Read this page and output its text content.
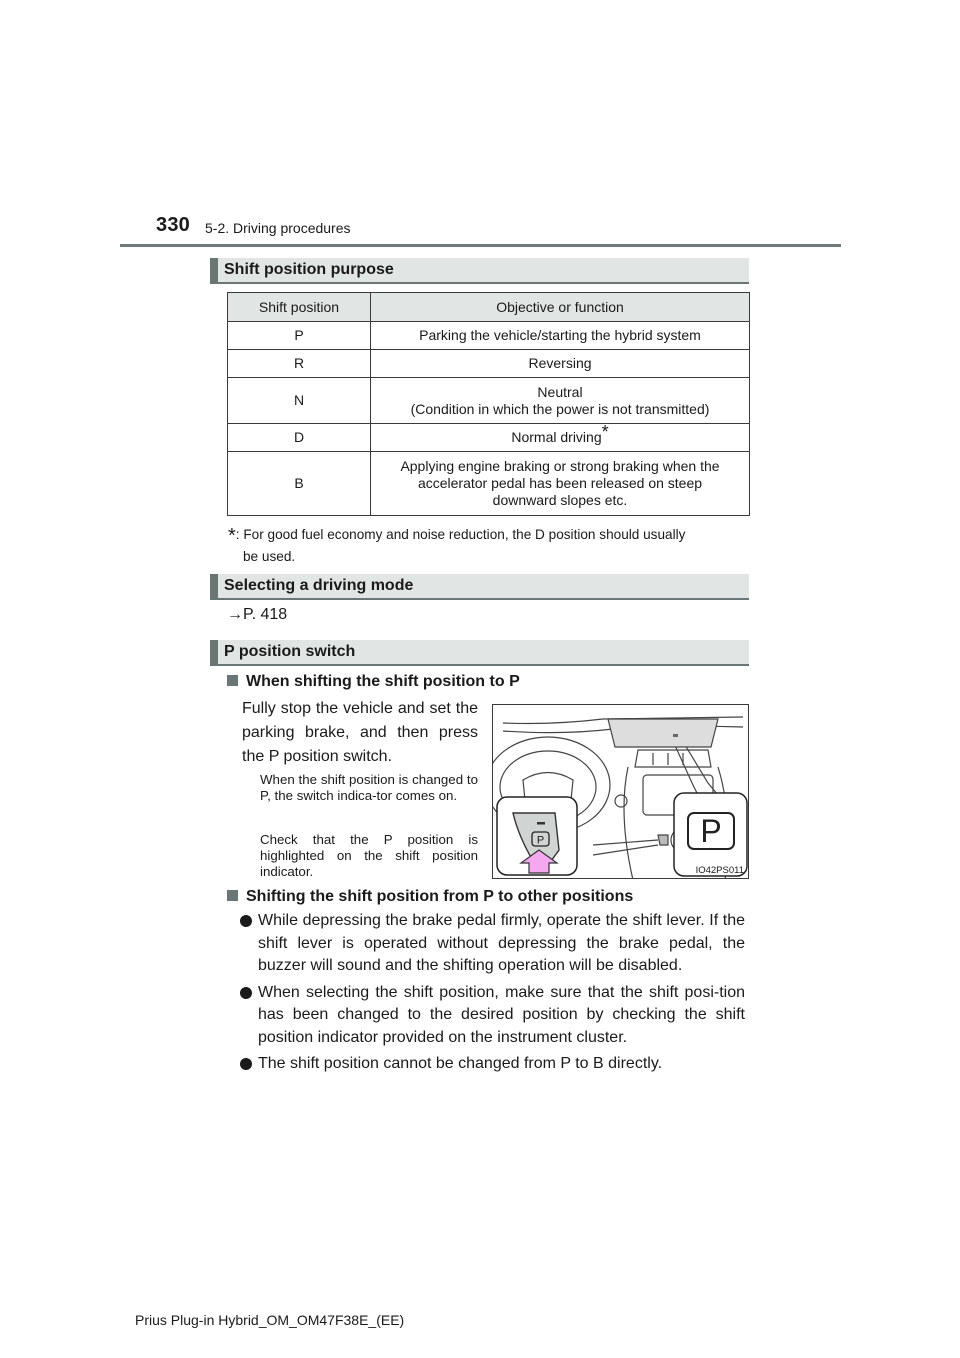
330 5-2. Driving procedures
Shift position purpose
Shift position	Objective or function
P	Parking the vehicle/starting the hybrid system
R	Reversing
N	Neutral
(Condition in which the power is not transmitted)

D	Normal driving*
B	Applying engine braking or strong braking when the accelerator pedal has been released on steep downward slopes etc.
*: For good fuel economy and noise reduction, the D position should usually
be used.
Selecting a driving mode
→P. 418
P position switch
When shifting the shift position to P
Fully stop the vehicle and set the parking brake, and then press the P position switch.
When the shift position is changed to P, the switch indica-tor comes on.
Check that the P position is highlighted on the shift position indicator.
P	P
IO42PS011
Shifting the shift position from P to other positions
While depressing the brake pedal firmly, operate the shift lever. If the shift lever is operated without depressing the brake pedal, the buzzer will sound and the shifting operation will be disabled.
When selecting the shift position, make sure that the shift posi-tion has been changed to the desired position by checking the shift position indicator provided on the instrument cluster.
The shift position cannot be changed from P to B directly.
Prius Plug-in Hybrid_OM_OM47F38E_(EE)
